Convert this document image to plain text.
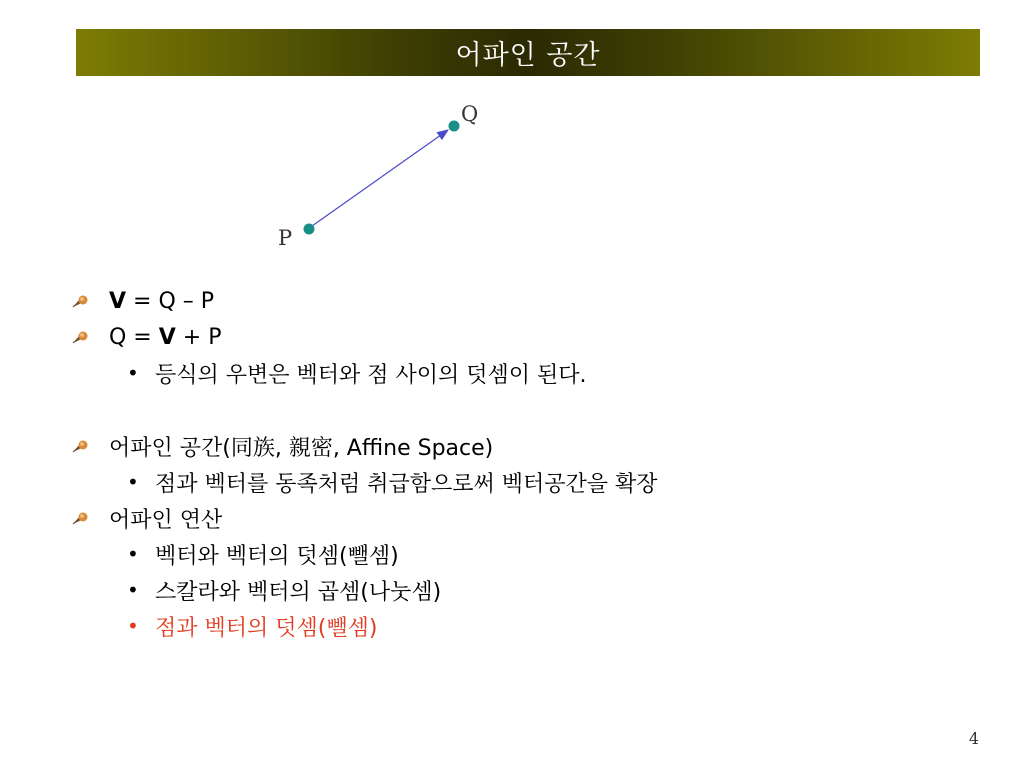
어파인 공간
P
Q
V = Q – P
Q = V + P
• 등식의 우변은 벡터와 점 사이의 덧셈이 된다.
어파인 공간(同族, 親密, Affine Space)
• 점과 벡터를 동족처럼 취급함으로써 벡터공간을 확장
어파인 연산
• 벡터와 벡터의 덧셈(뺄셈)
• 스칼라와 벡터의 곱셈(나눗셈)
• 점과 벡터의 덧셈(뺄셈)
4
